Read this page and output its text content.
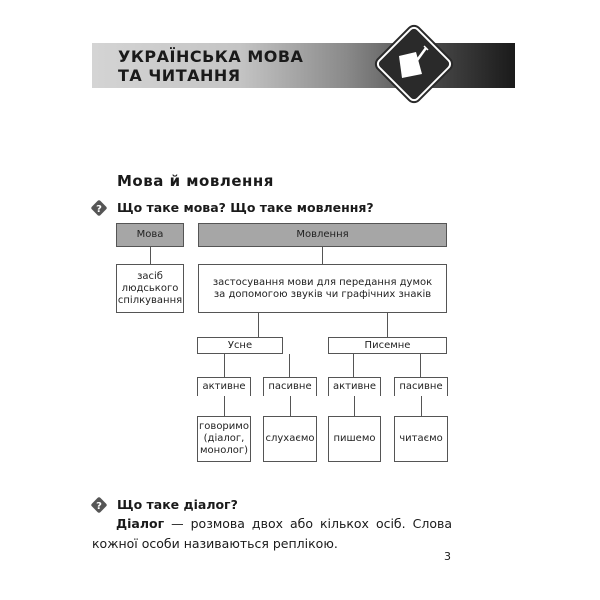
УКРАЇНСЬКА МОВА
ТА ЧИТАННЯ
Мова й мовлення
? Що таке мова? Що таке мовлення?
Мова	Мовлення
засіб людського спілкування
застосування мови для передання думок
за допомогою звуків чи графічних знаків
Усне	Писемне
активне	пасивне	активне	пасивне
говоримо (діалог, монолог)
слухаємо	пишемо	читаємо
? Що таке діалог?
Діалог — розмова двох або кількох осіб. Слова кожної особи називаються реплікою.
3
